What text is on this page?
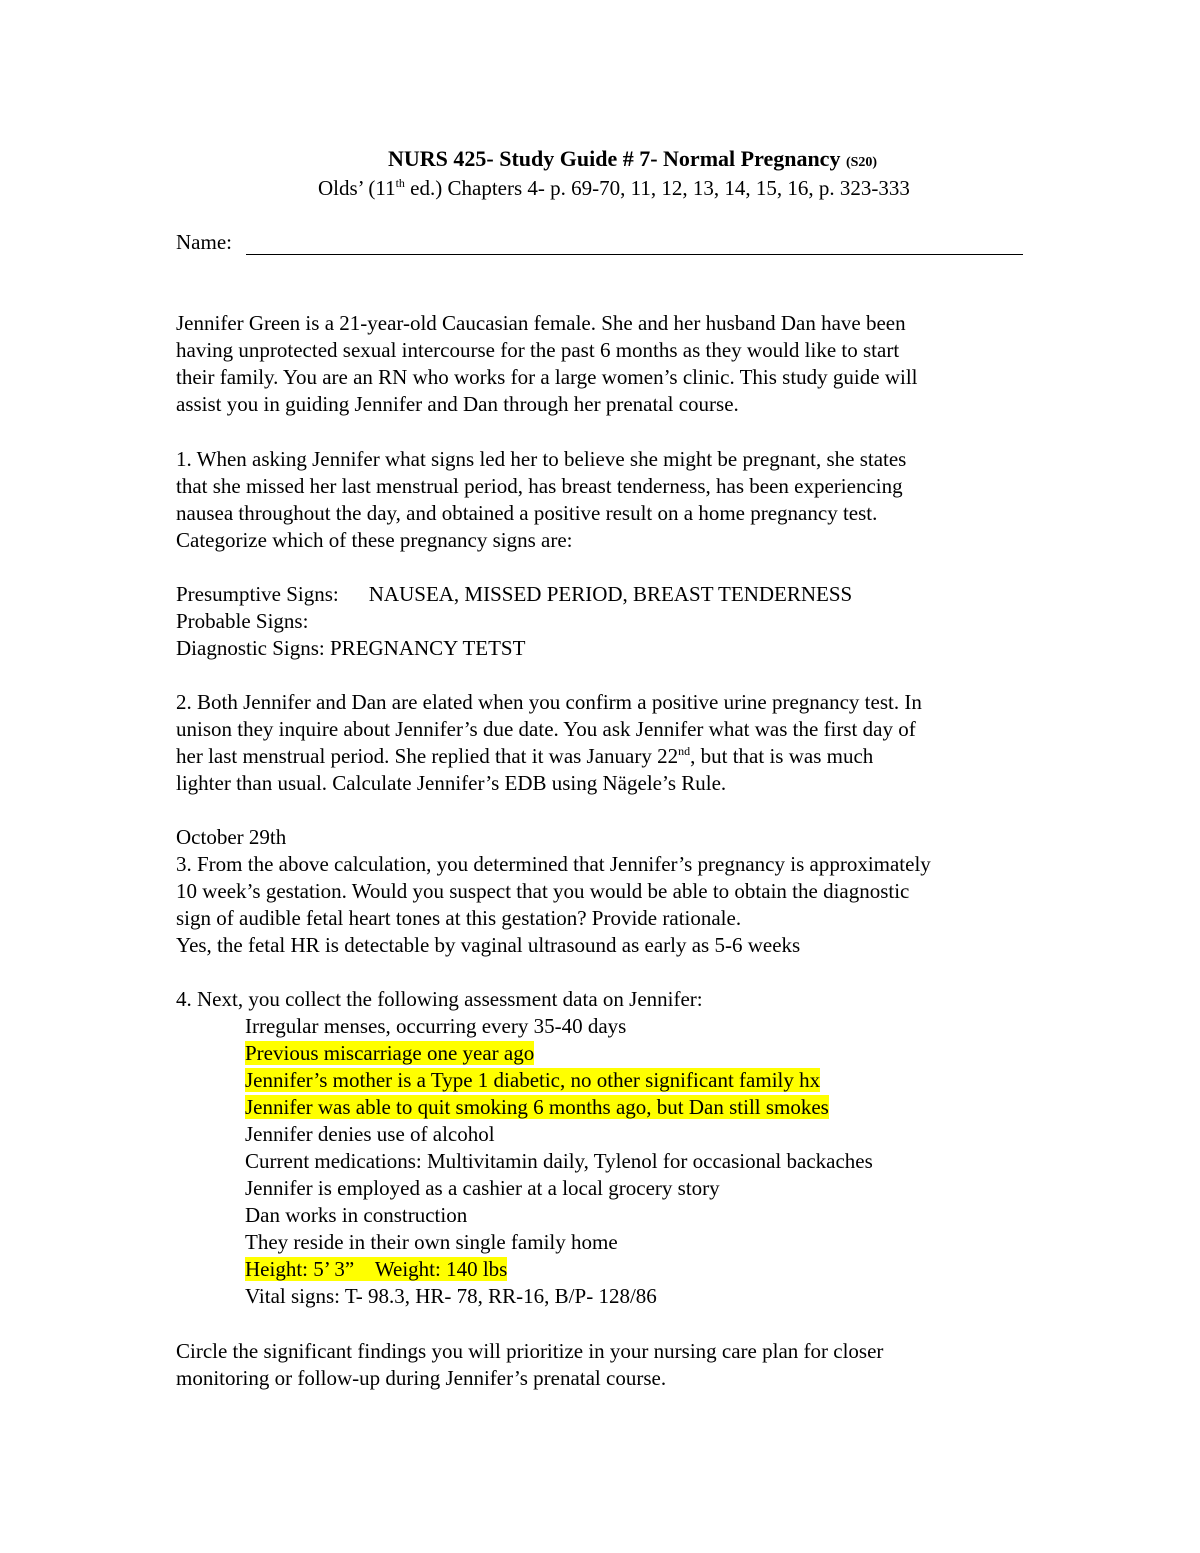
NURS 425- Study Guide # 7- Normal Pregnancy (S20)
Olds’ (11th ed.) Chapters 4- p. 69-70, 11, 12, 13, 14, 15, 16, p. 323-333
Name:
Jennifer Green is a 21-year-old Caucasian female. She and her husband Dan have been
having unprotected sexual intercourse for the past 6 months as they would like to start
their family. You are an RN who works for a large women’s clinic. This study guide will
assist you in guiding Jennifer and Dan through her prenatal course.
1. When asking Jennifer what signs led her to believe she might be pregnant, she states
that she missed her last menstrual period, has breast tenderness, has been experiencing
nausea throughout the day, and obtained a positive result on a home pregnancy test.
Categorize which of these pregnancy signs are:
Presumptive Signs: NAUSEA, MISSED PERIOD, BREAST TENDERNESS
Probable Signs:
Diagnostic Signs: PREGNANCY TETST
2. Both Jennifer and Dan are elated when you confirm a positive urine pregnancy test. In
unison they inquire about Jennifer’s due date. You ask Jennifer what was the first day of
her last menstrual period. She replied that it was January 22nd, but that is was much
lighter than usual. Calculate Jennifer’s EDB using Nägele’s Rule.
October 29th
3. From the above calculation, you determined that Jennifer’s pregnancy is approximately
10 week’s gestation. Would you suspect that you would be able to obtain the diagnostic
sign of audible fetal heart tones at this gestation? Provide rationale.
Yes, the fetal HR is detectable by vaginal ultrasound as early as 5-6 weeks
4. Next, you collect the following assessment data on Jennifer:
Irregular menses, occurring every 35-40 days
Previous miscarriage one year ago
Jennifer’s mother is a Type 1 diabetic, no other significant family hx
Jennifer was able to quit smoking 6 months ago, but Dan still smokes
Jennifer denies use of alcohol
Current medications: Multivitamin daily, Tylenol for occasional backaches
Jennifer is employed as a cashier at a local grocery story
Dan works in construction
They reside in their own single family home
Height: 5’ 3”    Weight: 140 lbs
Vital signs: T- 98.3, HR- 78, RR-16, B/P- 128/86
Circle the significant findings you will prioritize in your nursing care plan for closer
monitoring or follow-up during Jennifer’s prenatal course.
